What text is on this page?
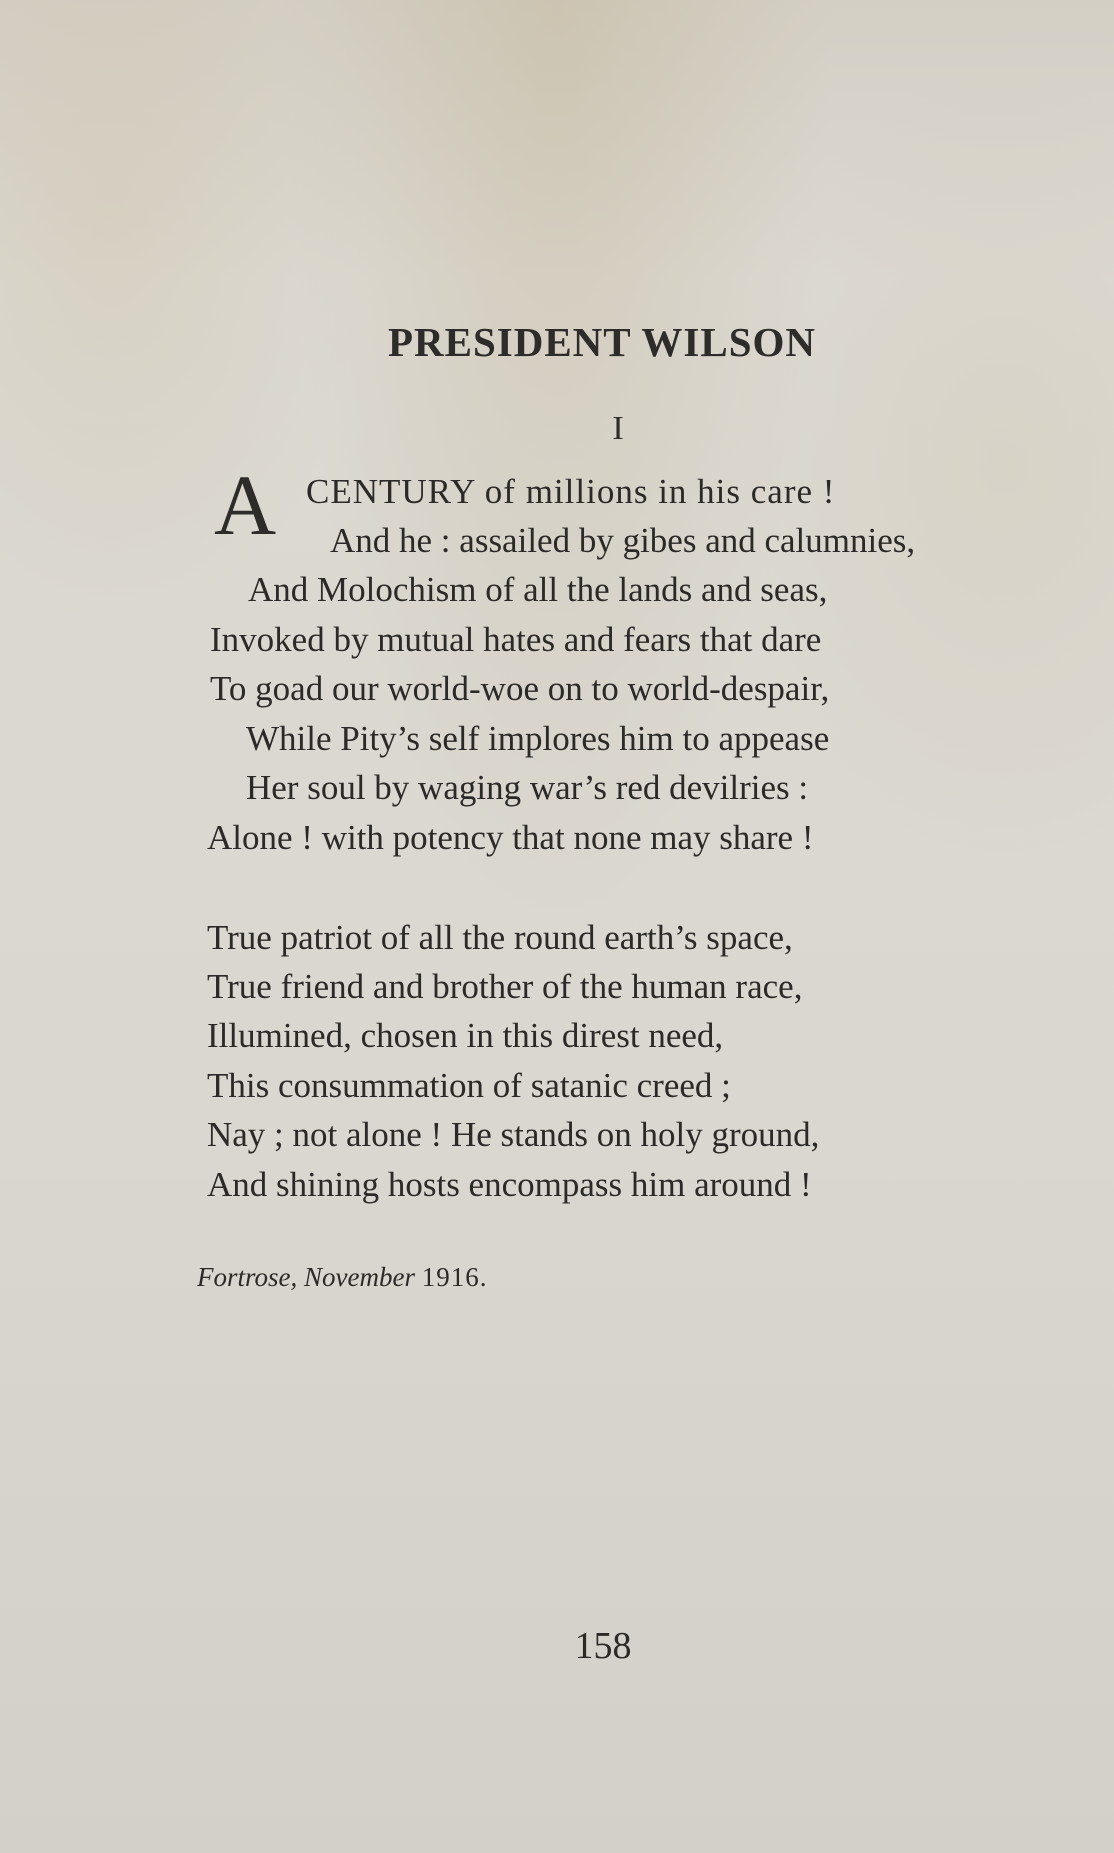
PRESIDENT WILSON
I
A CENTURY of millions in his care !
And he : assailed by gibes and calumnies,
And Molochism of all the lands and seas,
Invoked by mutual hates and fears that dare
To goad our world-woe on to world-despair,
While Pity’s self implores him to appease
Her soul by waging war’s red devilries :
Alone ! with potency that none may share !
True patriot of all the round earth’s space,
True friend and brother of the human race,
Illumined, chosen in this direst need,
This consummation of satanic creed ;
Nay ; not alone ! He stands on holy ground,
And shining hosts encompass him around !
Fortrose, November 1916.
158
